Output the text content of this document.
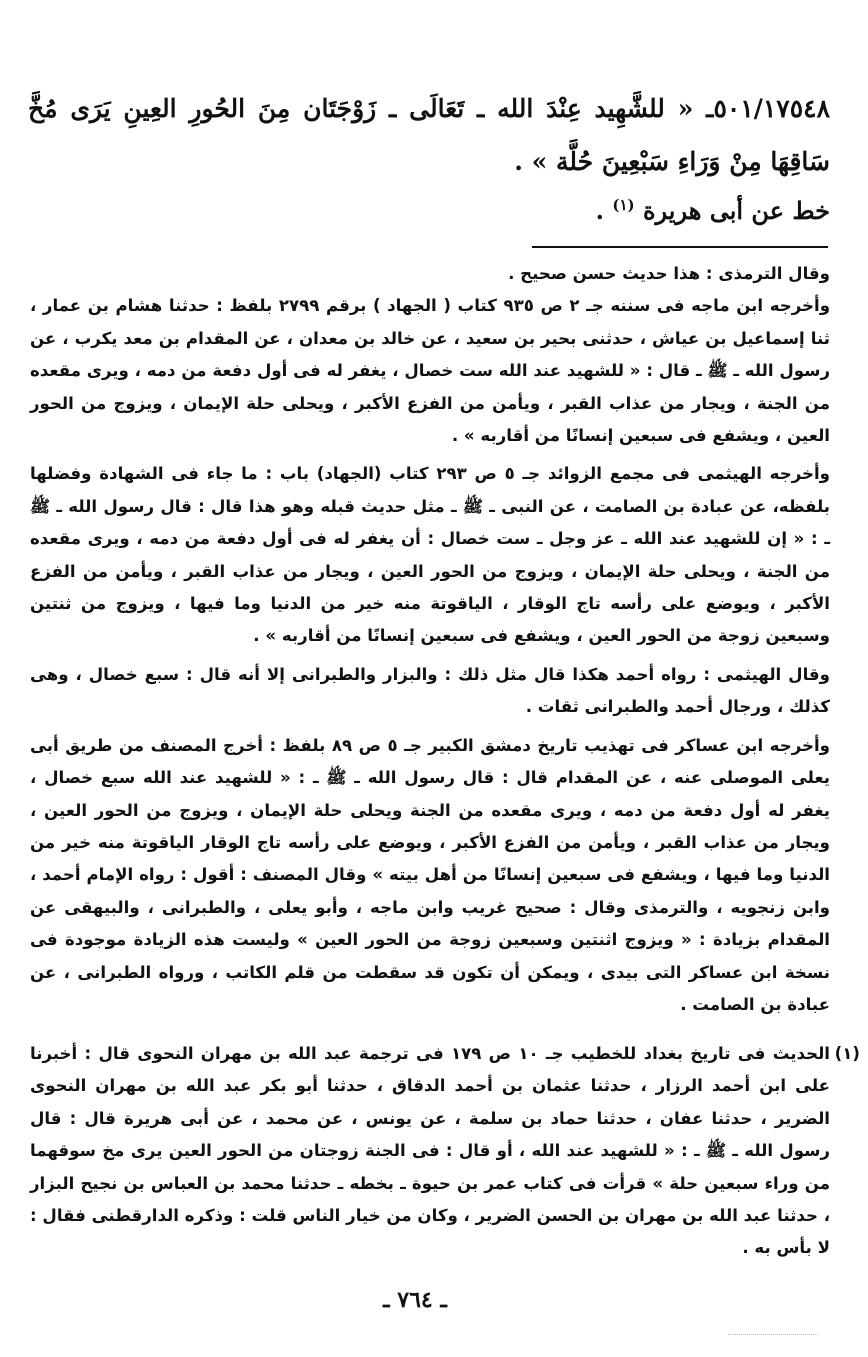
٥٠١/١٧٥٤٨ـ « للشَّهِيد عِنْدَ الله ـ تَعَالَى ـ زَوْجَتَان مِنَ الحُورِ العِينِ يَرَى مُخَّ سَاقِهَا مِنْ وَرَاءِ سَبْعِينَ حُلَّة » .

خط عن أبى هريرة $^{(١)}$ .

وقال الترمذى : هذا حديث حسن صحيح .

وأخرجه ابن ماجه فى سننه جـ ٢ ص ٩٣٥ كتاب ( الجهاد ) برقم ٢٧٩٩ بلفظ : حدثنا هشام بن عمار ، ثنا إسماعيل بن عياش ، حدثنى بحير بن سعيد ، عن خالد بن معدان ، عن المقدام بن معد يكرب ، عن رسول الله ـ ﷺ ـ قال : « للشهيد عند الله ست خصال ، يغفر له فى أول دفعة من دمه ، ويرى مقعده من الجنة ، ويجار من عذاب القبر ، ويأمن من الفزع الأكبر ، ويحلى حلة الإيمان ، ويزوج من الحور العين ، ويشفع فى سبعين إنسانًا من أقاربه » .

وأخرجه الهيثمى فى مجمع الزوائد جـ ٥ ص ٢٩٣ كتاب (الجهاد) باب : ما جاء فى الشهادة وفضلها بلفظه، عن عبادة بن الصامت ، عن النبى ـ ﷺ ـ مثل حديث قبله وهو هذا قال : قال رسول الله ـ ﷺ ـ : « إن للشهيد عند الله ـ عز وجل ـ ست خصال : أن يغفر له فى أول دفعة من دمه ، ويرى مقعده من الجنة ، ويحلى حلة الإيمان ، ويزوج من الحور العين ، ويجار من عذاب القبر ، ويأمن من الفزع الأكبر ، ويوضع على رأسه تاج الوقار ، الياقوتة منه خير من الدنيا وما فيها ، ويزوج من ثنتين وسبعين زوجة من الحور العين ، ويشفع فى سبعين إنسانًا من أقاربه » .

وقال الهيثمى : رواه أحمد هكذا قال مثل ذلك : والبزار والطبرانى إلا أنه قال : سبع خصال ، وهى كذلك ، ورجال أحمد والطبرانى ثقات .

وأخرجه ابن عساكر فى تهذيب تاريخ دمشق الكبير جـ ٥ ص ٨٩ بلفظ : أخرج المصنف من طريق أبى يعلى الموصلى عنه ، عن المقدام قال : قال رسول الله ـ ﷺ ـ : « للشهيد عند الله سبع خصال ، يغفر له أول دفعة من دمه ، ويرى مقعده من الجنة ويحلى حلة الإيمان ، ويزوج من الحور العين ، ويجار من عذاب القبر ، ويأمن من الفزع الأكبر ، ويوضع على رأسه تاج الوقار الياقوتة منه خير من الدنيا وما فيها ، ويشفع فى سبعين إنسانًا من أهل بيته » وقال المصنف : أقول : رواه الإمام أحمد ، وابن زنجويه ، والترمذى وقال : صحيح غريب وابن ماجه ، وأبو يعلى ، والطبرانى ، والبيهقى عن المقدام بزيادة : « ويزوج اثنتين وسبعين زوجة من الحور العين » وليست هذه الزيادة موجودة فى نسخة ابن عساكر التى بيدى ، ويمكن أن تكون قد سقطت من قلم الكاتب ، ورواه الطبرانى ، عن عبادة بن الصامت .

(١)

الحديث فى تاريخ بغداد للخطيب جـ ١٠ ص ١٧٩ فى ترجمة عبد الله بن مهران النحوى قال : أخبرنا على ابن أحمد الرزار ، حدثنا عثمان بن أحمد الدقاق ، حدثنا أبو بكر عبد الله بن مهران النحوى الضرير ، حدثنا عفان ، حدثنا حماد بن سلمة ، عن يونس ، عن محمد ، عن أبى هريرة قال : قال رسول الله ـ ﷺ ـ : « للشهيد عند الله ، أو قال : فى الجنة زوجتان من الحور العين يرى مخ سوقهما من وراء سبعين حلة » قرأت فى كتاب عمر بن حيوة ـ بخطه ـ حدثنا محمد بن العباس بن نجيح البزار ، حدثنا عبد الله بن مهران بن الحسن الضرير ، وكان من خيار الناس قلت : وذكره الدارقطنى فقال : لا بأس به .

ـ ٧٦٤ ـ
